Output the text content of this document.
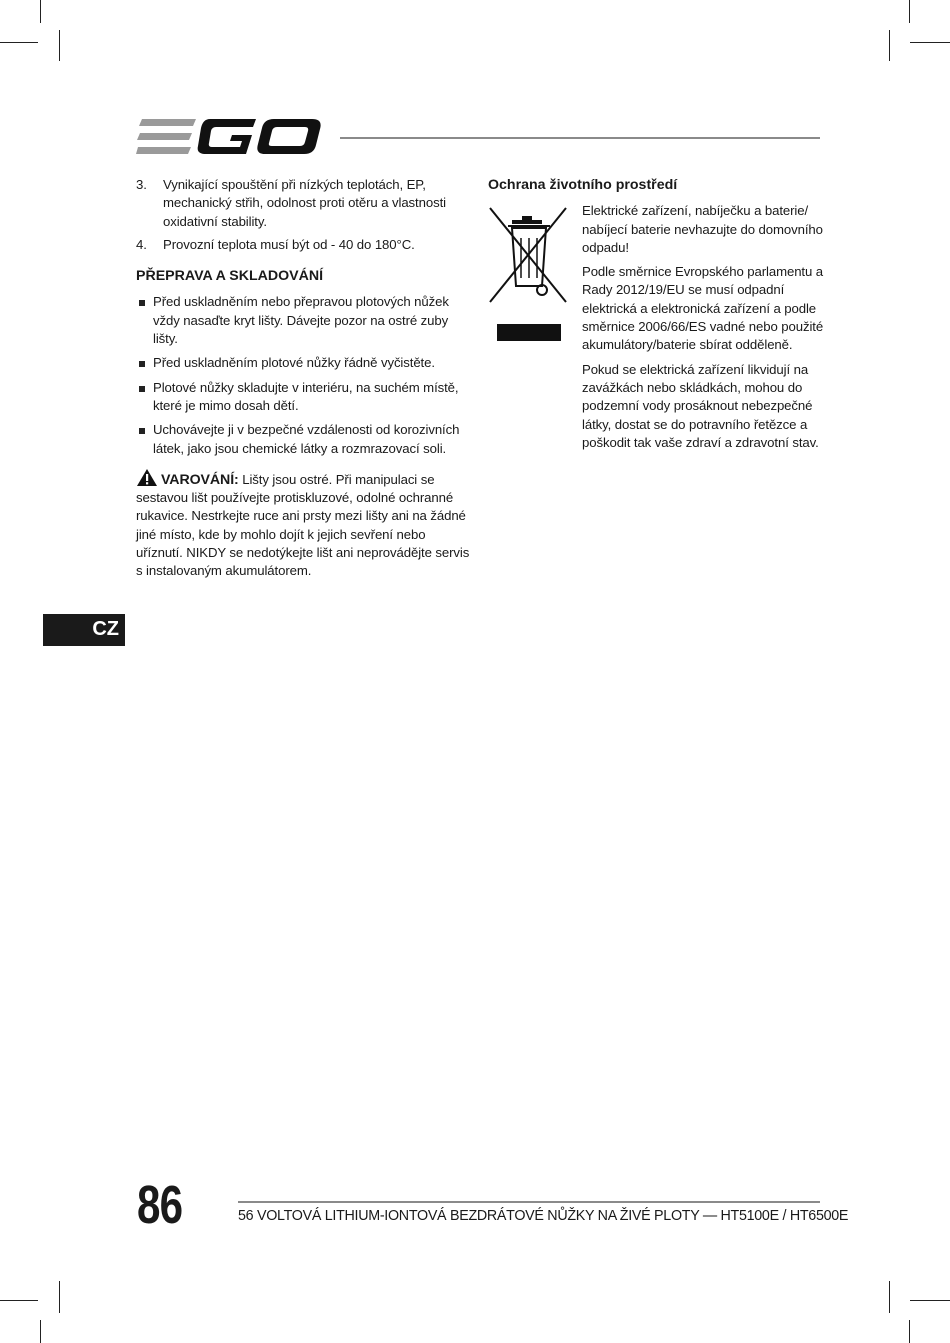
3. Vynikající spouštění při nízkých teplotách, EP, mechanický střih, odolnost proti otěru a vlastnosti oxidativní stability.
4. Provozní teplota musí být od - 40 do 180°C.
PŘEPRAVA A SKLADOVÁNÍ
Před uskladněním nebo přepravou plotových nůžek vždy nasaďte kryt lišty. Dávejte pozor na ostré zuby lišty.
Před uskladněním plotové nůžky řádně vyčistěte.
Plotové nůžky skladujte v interiéru, na suchém místě, které je mimo dosah dětí.
Uchovávejte ji v bezpečné vzdálenosti od korozivních látek, jako jsou chemické látky a rozmrazovací soli.
VAROVÁNÍ: Lišty jsou ostré. Při manipulaci se sestavou lišt používejte protiskluzové, odolné ochranné rukavice. Nestrkejte ruce ani prsty mezi lišty ani na žádné jiné místo, kde by mohlo dojít k jejich sevření nebo uříznutí. NIKDY se nedotýkejte lišt ani neprovádějte servis s instalovaným akumulátorem.
Ochrana životního prostředí

Elektrické zařízení, nabíječku a baterie/ nabíjecí baterie nevhazujte do domovního odpadu!

Podle směrnice Evropského parlamentu a Rady 2012/19/EU se musí odpadní elektrická a elektronická zařízení a podle směrnice 2006/66/ES vadné nebo použité akumulátory/baterie sbírat odděleně.

Pokud se elektrická zařízení likvidují na zavážkách nebo skládkách, mohou do podzemní vody prosáknout nebezpečné látky, dostat se do potravního řetězce a poškodit tak vaše zdraví a zdravotní stav.

CZ
86	56 VOLTOVÁ LITHIUM-IONTOVÁ BEZDRÁTOVÉ NŮŽKY NA ŽIVÉ PLOTY — HT5100E / HT6500E
